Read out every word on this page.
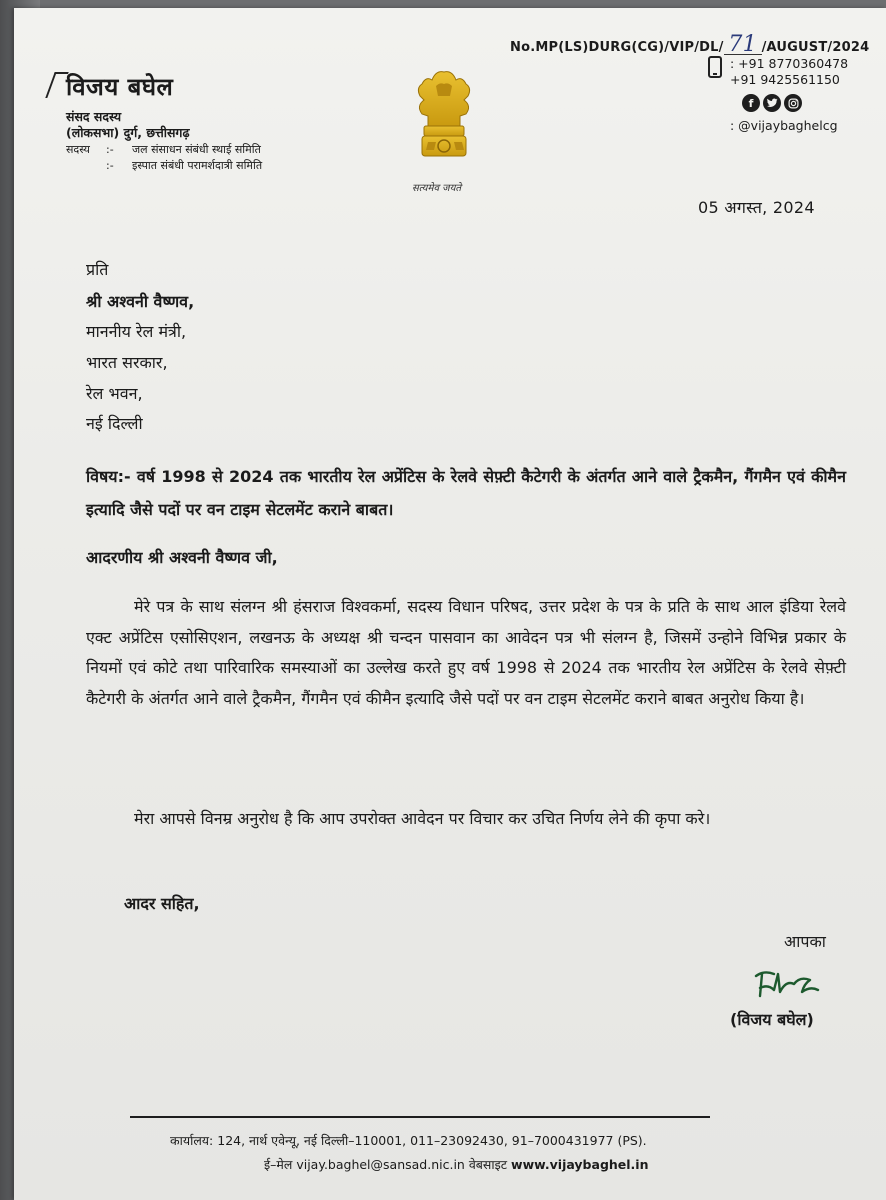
विजय बघेल
संसद सदस्य
(लोकसभा) दुर्ग, छत्तीसगढ़
सदस्य :- जल संसाधन संबंधी स्थाई समिति
:- इस्पात संबंधी परामर्शदात्री समिति
सत्यमेव जयते
No.MP(LS)DURG(CG)/VIP/DL/ 71 /AUGUST/2024
: +91 8770360478
+91 9425561150
f
: @vijaybaghelcg
05 अगस्त, 2024
प्रति
श्री अश्वनी वैष्णव,
माननीय रेल मंत्री,
भारत सरकार,
रेल भवन,
नई दिल्ली
विषय:- वर्ष 1998 से 2024 तक भारतीय रेल अप्रेंटिस के रेलवे सेफ़्टी कैटेगरी के अंतर्गत आने वाले ट्रैकमैन, गैंगमैन एवं कीमैन इत्यादि जैसे पदों पर वन टाइम सेटलमेंट कराने बाबत।
आदरणीय श्री अश्वनी वैष्णव जी,
मेरे पत्र के साथ संलग्न श्री हंसराज विश्वकर्मा, सदस्य विधान परिषद, उत्तर प्रदेश के पत्र के प्रति के साथ आल इंडिया रेलवे एक्ट अप्रेंटिस एसोसिएशन, लखनऊ के अध्यक्ष श्री चन्दन पासवान का आवेदन पत्र भी संलग्न है, जिसमें उन्होने विभिन्न प्रकार के नियमों एवं कोटे तथा पारिवारिक समस्याओं का उल्लेख करते हुए वर्ष 1998 से 2024 तक भारतीय रेल अप्रेंटिस के रेलवे सेफ़्टी कैटेगरी के अंतर्गत आने वाले ट्रैकमैन, गैंगमैन एवं कीमैन इत्यादि जैसे पदों पर वन टाइम सेटलमेंट कराने बाबत अनुरोध किया है।
मेरा आपसे विनम्र अनुरोध है कि आप उपरोक्त आवेदन पर विचार कर उचित निर्णय लेने की कृपा करे।
आदर सहित,
आपका
(विजय बघेल)
कार्यालय: 124, नार्थ एवेन्यू, नई दिल्ली–110001, 011–23092430, 91–7000431977 (PS).
ई–मेल vijay.baghel@sansad.nic.in वेबसाइट www.vijaybaghel.in
